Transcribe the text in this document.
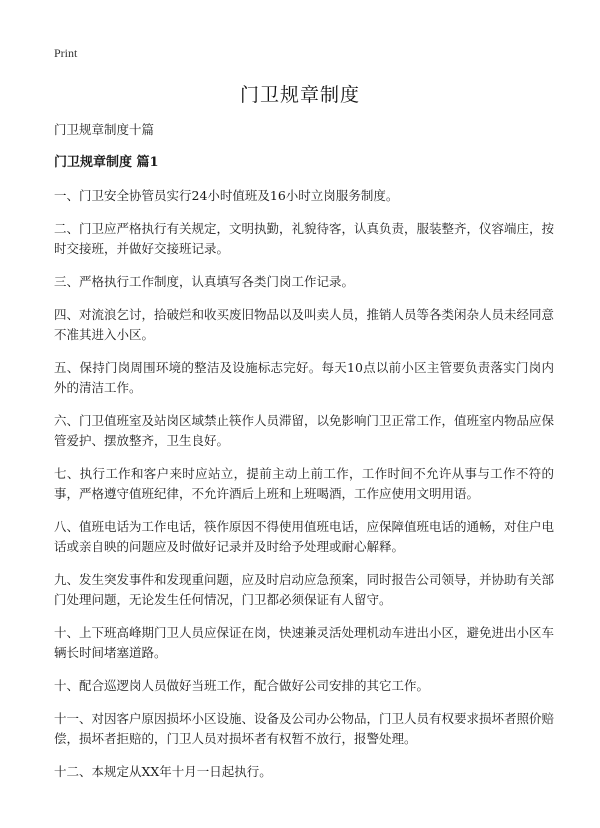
Print
门卫规章制度

门卫规章制度十篇

门卫规章制度 篇1

一、门卫安全协管员实行24小时值班及16小时立岗服务制度。

二、门卫应严格执行有关规定，文明执勤，礼貌待客，认真负责，服装整齐，仪容端庄，按时交接班，并做好交接班记录。

三、严格执行工作制度，认真填写各类门岗工作记录。

四、对流浪乞讨，拾破烂和收买废旧物品以及叫卖人员，推销人员等各类闲杂人员未经同意不准其进入小区。

五、保持门岗周围环境的整洁及设施标志完好。每天10点以前小区主管要负责落实门岗内外的清洁工作。

六、门卫值班室及站岗区域禁止筷作人员滞留，以免影响门卫正常工作，值班室内物品应保管爱护、摆放整齐，卫生良好。

七、执行工作和客户来时应站立，提前主动上前工作，工作时间不允许从事与工作不符的事，严格遵守值班纪律，不允许酒后上班和上班喝酒，工作应使用文明用语。

八、值班电话为工作电话，筷作原因不得使用值班电话，应保障值班电话的通畅，对住户电话或亲自映的问题应及时做好记录并及时给予处理或耐心解释。

九、发生突发事件和发现重问题，应及时启动应急预案，同时报告公司领导，并协助有关部门处理问题，无论发生任何情况，门卫都必须保证有人留守。

十、上下班高峰期门卫人员应保证在岗，快速兼灵活处理机动车进出小区，避免进出小区车辆长时间堵塞道路。

十、配合巡逻岗人员做好当班工作，配合做好公司安排的其它工作。

十一、对因客户原因损坏小区设施、设备及公司办公物品，门卫人员有权要求损坏者照价赔偿，损坏者拒赔的，门卫人员对损坏者有权暂不放行，报警处理。

十二、本规定从XX年十月一日起执行。
